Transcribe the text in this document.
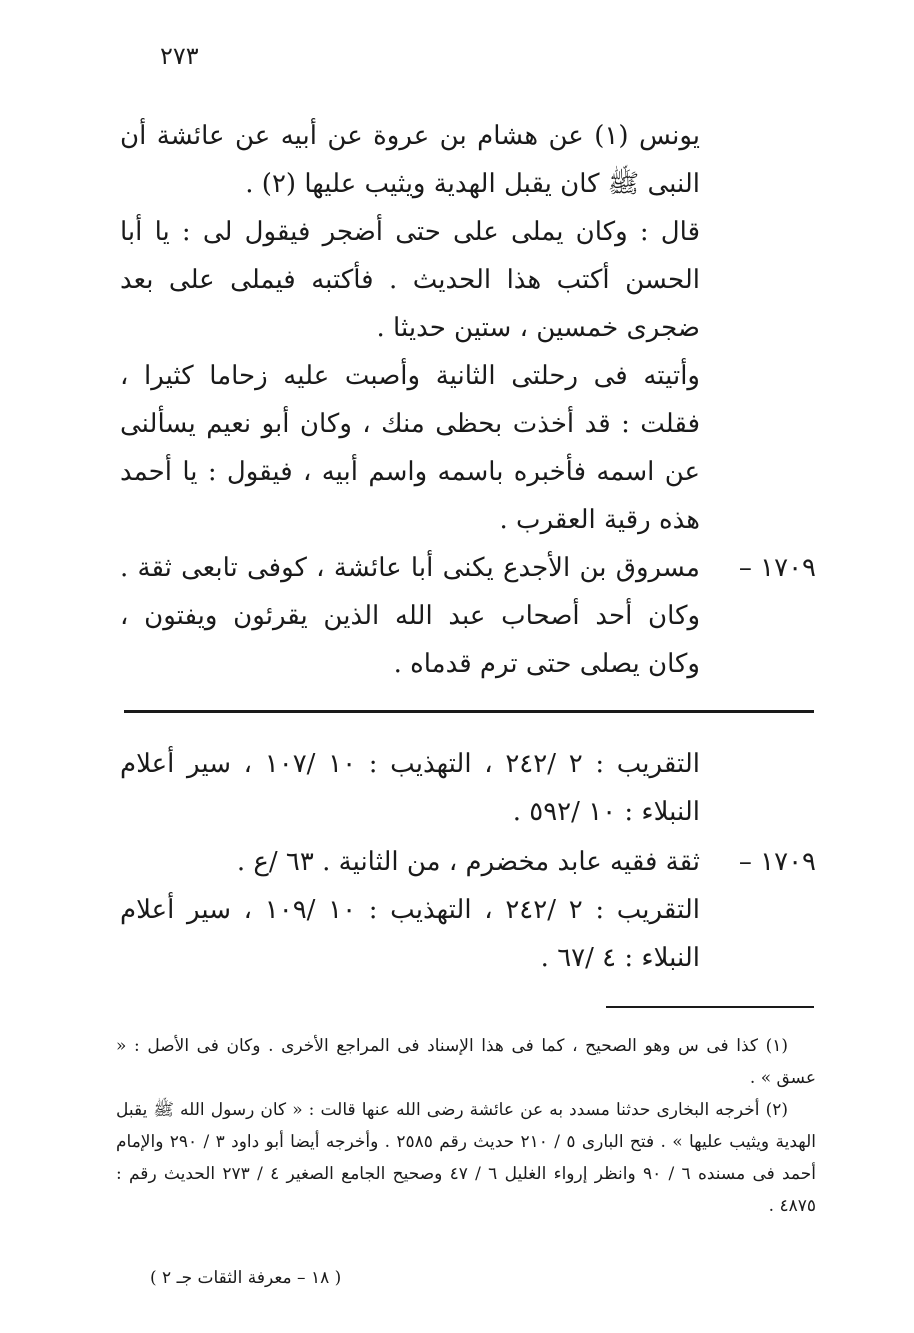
٢٧٣

يونس (١) عن هشام بن عروة عن أبيه عن عائشة أن النبى ﷺ كان يقبل الهدية ويثيب عليها (٢) .

قال : وكان يملى على حتى أضجر فيقول لى : يا أبا الحسن أكتب هذا الحديث . فأكتبه فيملى على بعد ضجرى خمسين ، ستين حديثا .

وأتيته فى رحلتى الثانية وأصبت عليه زحاما كثيرا ، فقلت : قد أخذت بحظى منك ، وكان أبو نعيم يسألنى عن اسمه فأخبره باسمه واسم أبيه ، فيقول : يا أحمد هذه رقية العقرب .

١٧٠٩ –
مسروق بن الأجدع يكنى أبا عائشة ، كوفى تابعى ثقة . وكان أحد أصحاب عبد الله الذين يقرئون ويفتون ، وكان يصلى حتى ترم قدماه .

التقريب : ٢ /٢٤٢ ، التهذيب : ١٠ /١٠٧ ، سير أعلام النبلاء : ١٠ /٥٩٢ .

١٧٠٩ –
ثقة فقيه عابد مخضرم ، من الثانية . ٦٣ /ع .

التقريب : ٢ /٢٤٢ ، التهذيب : ١٠ /١٠٩ ، سير أعلام النبلاء : ٤ /٦٧ .

(١) كذا فى س وهو الصحيح ، كما فى هذا الإسناد فى المراجع الأخرى . وكان فى الأصل : « عسق » .

(٢) أخرجه البخارى حدثنا مسدد به عن عائشة رضى الله عنها قالت : « كان رسول الله ﷺ يقبل الهدية ويثيب عليها » . فتح البارى ٥ / ٢١٠ حديث رقم ٢٥٨٥ . وأخرجه أيضا أبو داود ٣ / ٢٩٠ والإمام أحمد فى مسنده ٦ / ٩٠ وانظر إرواء الغليل ٦ / ٤٧ وصحيح الجامع الصغير ٤ / ٢٧٣ الحديث رقم : ٤٨٧٥ .

( ١٨ – معرفة الثقات جـ ٢ )
